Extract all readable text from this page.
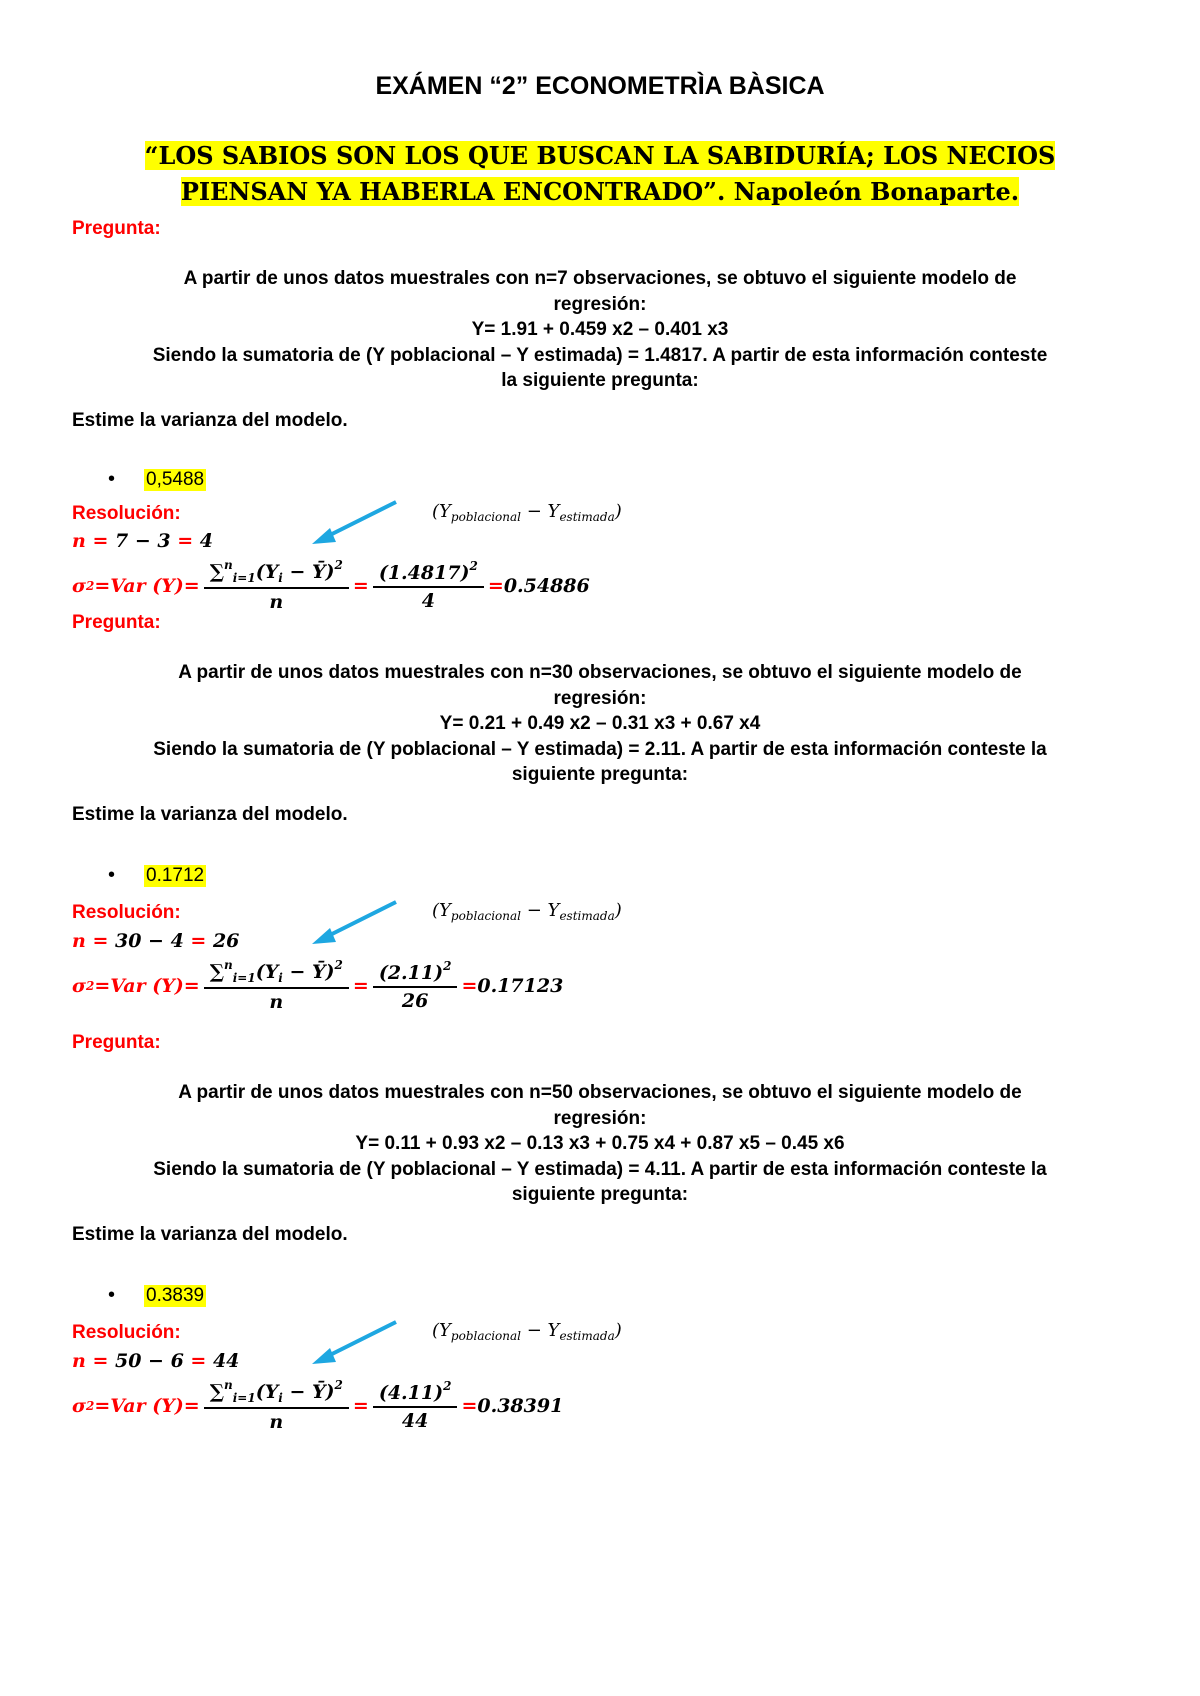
EXÁMEN “2” ECONOMETRÌA BÀSICA
“LOS SABIOS SON LOS QUE BUSCAN LA SABIDURÍA; LOS NECIOS
PIENSAN YA HABERLA ENCONTRADO”. Napoleón Bonaparte.
Pregunta:
A partir de unos datos muestrales con n=7 observaciones, se obtuvo el siguiente modelo de
regresión:
Y= 1.91 + 0.459 x2 – 0.401 x3
Siendo la sumatoria de (Y poblacional – Y estimada) = 1.4817. A partir de esta información conteste
la siguiente pregunta:
Estime la varianza del modelo.
•	0,5488
Resolución:	$(Y_{poblacional} - Y_{estimada})$
n = 7 − 3 = 4
σ 2 = Var $(Y) = \frac{\sum^n_{i=1}(Y_i - Ȳ)^2}{n} = \frac{(1.4817)^2}{4} = 0.54886$
Pregunta:
A partir de unos datos muestrales con n=30 observaciones, se obtuvo el siguiente modelo de
regresión:
Y= 0.21 + 0.49 x2 – 0.31 x3 + 0.67 x4
Siendo la sumatoria de (Y poblacional – Y estimada) = 2.11. A partir de esta información conteste la
siguiente pregunta:
Estime la varianza del modelo.
•	0.1712
Resolución:	$(Y_{poblacional} - Y_{estimada})$
n = 30 − 4 = 26
σ 2 = Var $(Y) = \frac{\sum^n_{i=1}(Y_i - Ȳ)^2}{n} = \frac{(2.11)^2}{26} = 0.17123$
Pregunta:
A partir de unos datos muestrales con n=50 observaciones, se obtuvo el siguiente modelo de
regresión:
Y= 0.11 + 0.93 x2 – 0.13 x3 + 0.75 x4 + 0.87 x5 – 0.45 x6
Siendo la sumatoria de (Y poblacional – Y estimada) = 4.11. A partir de esta información conteste la
siguiente pregunta:
Estime la varianza del modelo.
•	0.3839
Resolución:	$(Y_{poblacional} - Y_{estimada})$
n = 50 − 6 = 44
σ 2 = Var $(Y) = \frac{\sum^n_{i=1}(Y_i - Ȳ)^2}{n} = \frac{(4.11)^2}{44} = 0.38391$
